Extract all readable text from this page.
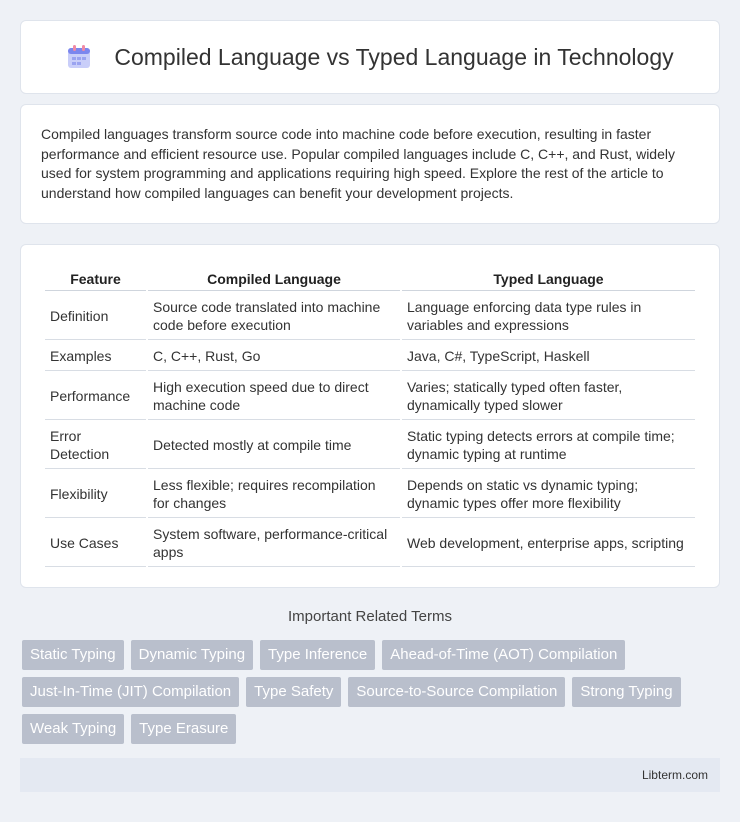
Compiled Language vs Typed Language in Technology

Compiled languages transform source code into machine code before execution, resulting in faster performance and efficient resource use. Popular compiled languages include C, C++, and Rust, widely used for system programming and applications requiring high speed. Explore the rest of the article to understand how compiled languages can benefit your development projects.

Feature	Compiled Language	Typed Language
Definition	Source code translated into machine code before execution	Language enforcing data type rules in variables and expressions
Examples	C, C++, Rust, Go	Java, C#, TypeScript, Haskell
Performance	High execution speed due to direct machine code	Varies; statically typed often faster, dynamically typed slower
Error Detection	Detected mostly at compile time	Static typing detects errors at compile time; dynamic typing at runtime
Flexibility	Less flexible; requires recompilation for changes	Depends on static vs dynamic typing; dynamic types offer more flexibility
Use Cases	System software, performance-critical apps	Web development, enterprise apps, scripting
Important Related Terms
Static Typing	Dynamic Typing	Type Inference	Ahead-of-Time (AOT) Compilation
Just-In-Time (JIT) Compilation	Type Safety	Source-to-Source Compilation	Strong Typing
Weak Typing	Type Erasure
Libterm.com
